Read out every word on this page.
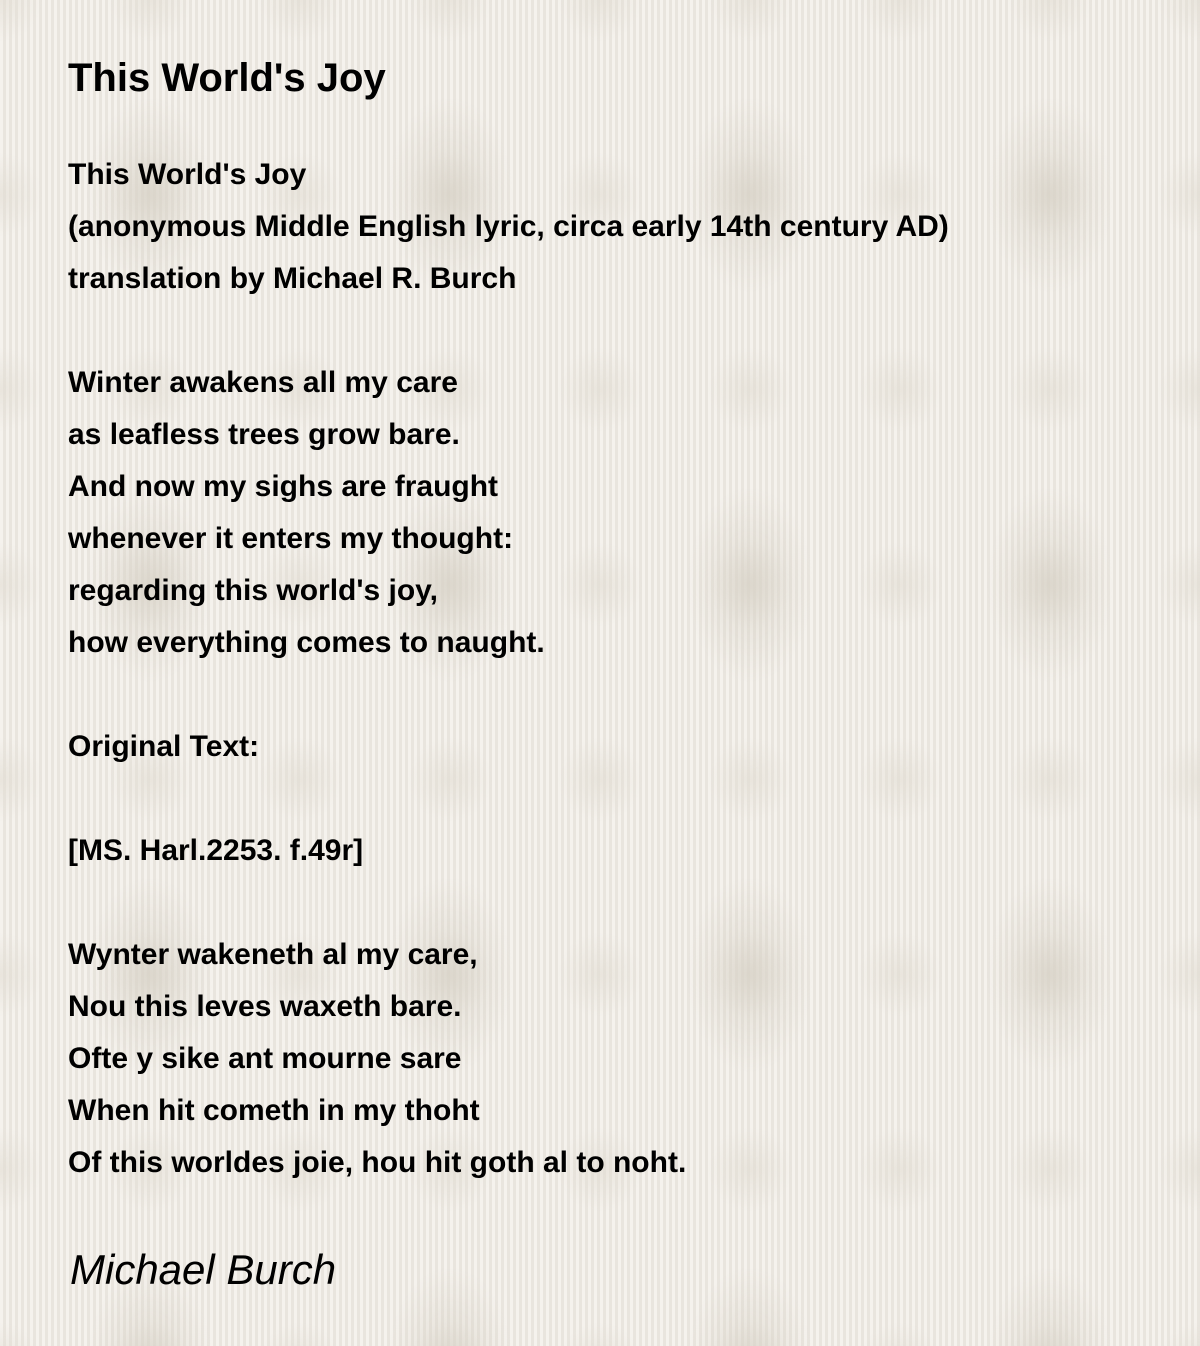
This World's Joy
This World's Joy
(anonymous Middle English lyric, circa early 14th century AD)
translation by Michael R. Burch
Winter awakens all my care
as leafless trees grow bare.
And now my sighs are fraught
whenever it enters my thought:
regarding this world's joy,
how everything comes to naught.
Original Text:
[MS. Harl.2253. f.49r]
Wynter wakeneth al my care,
Nou this leves waxeth bare.
Ofte y sike ant mourne sare
When hit cometh in my thoht
Of this worldes joie, hou hit goth al to noht.
Michael Burch
